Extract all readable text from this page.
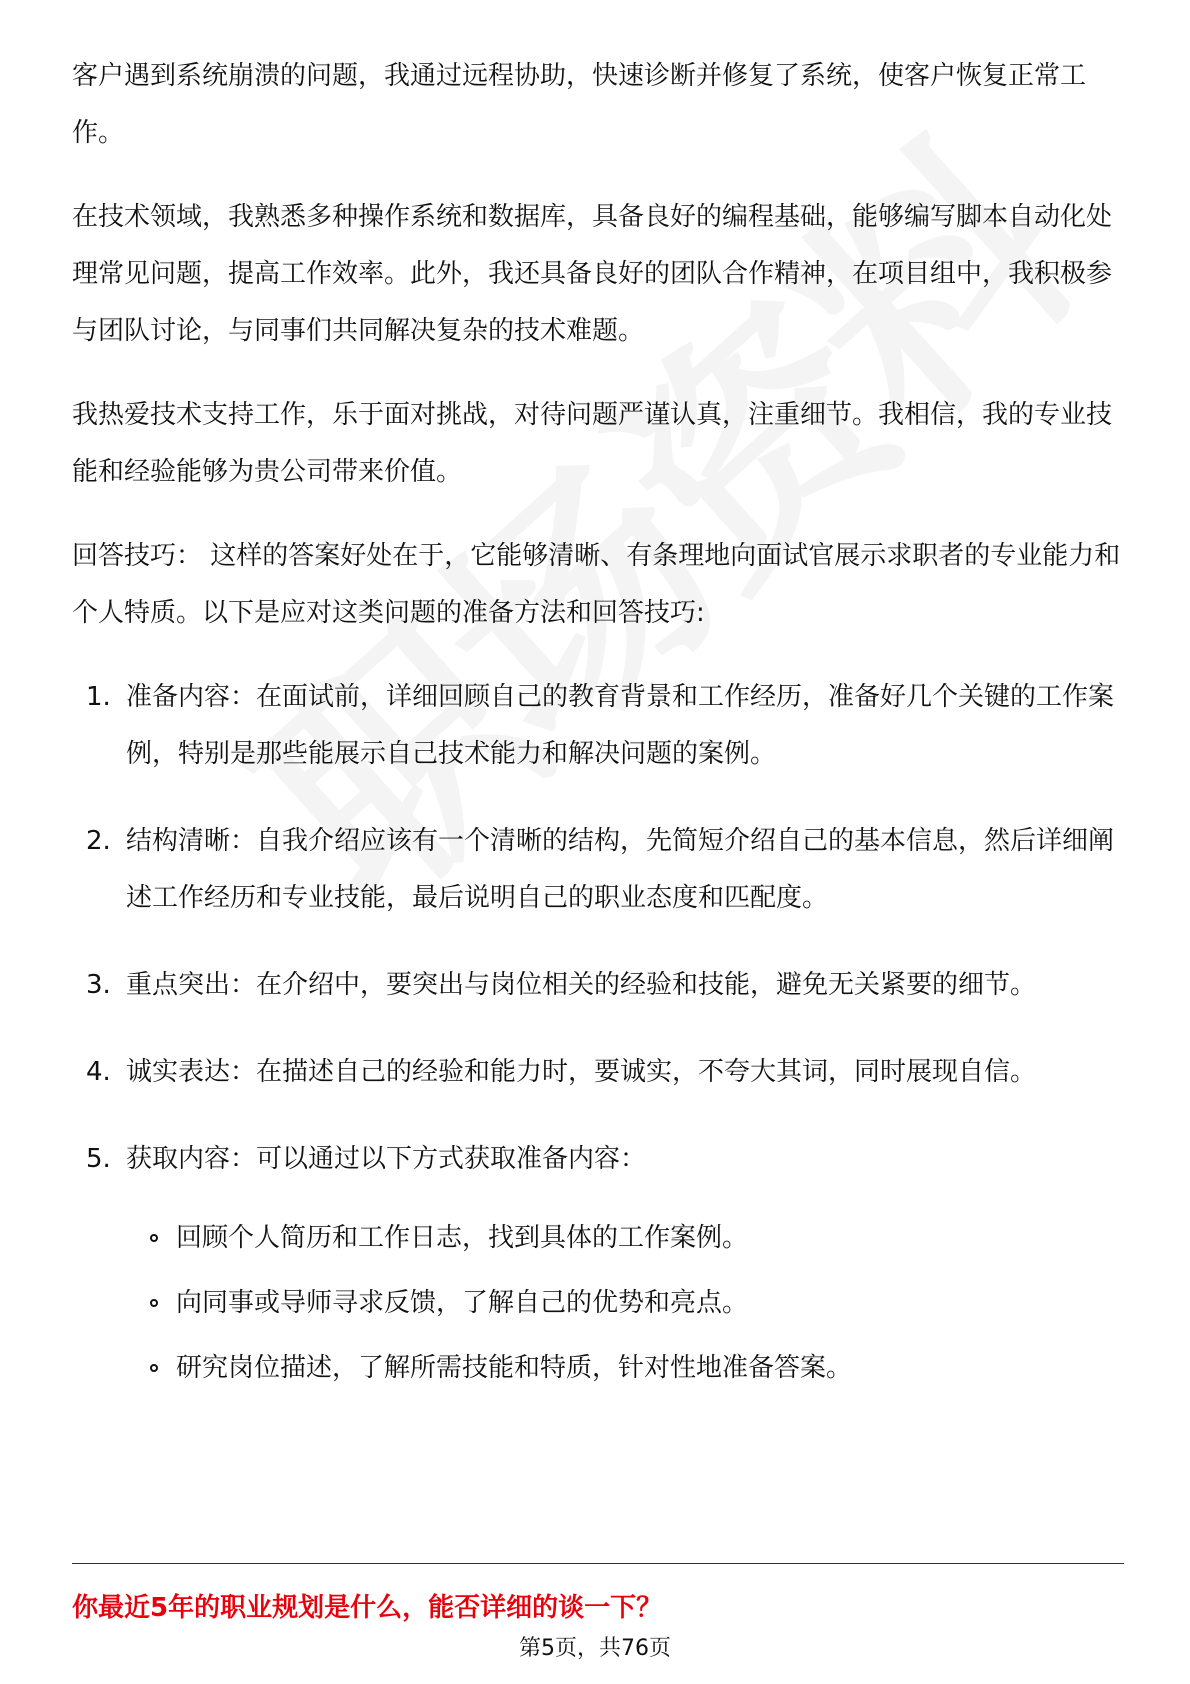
客户遇到系统崩溃的问题，我通过远程协助，快速诊断并修复了系统，使客户恢复正常工作。

在技术领域，我熟悉多种操作系统和数据库，具备良好的编程基础，能够编写脚本自动化处理常见问题，提高工作效率。此外，我还具备良好的团队合作精神，在项目组中，我积极参与团队讨论，与同事们共同解决复杂的技术难题。

我热爱技术支持工作，乐于面对挑战，对待问题严谨认真，注重细节。我相信，我的专业技能和经验能够为贵公司带来价值。

回答技巧： 这样的答案好处在于，它能够清晰、有条理地向面试官展示求职者的专业能力和个人特质。以下是应对这类问题的准备方法和回答技巧:

1. 准备内容：在面试前，详细回顾自己的教育背景和工作经历，准备好几个关键的工作案例，特别是那些能展示自己技术能力和解决问题的案例。
2. 结构清晰：自我介绍应该有一个清晰的结构，先简短介绍自己的基本信息，然后详细阐述工作经历和专业技能，最后说明自己的职业态度和匹配度。
3. 重点突出：在介绍中，要突出与岗位相关的经验和技能，避免无关紧要的细节。
4. 诚实表达：在描述自己的经验和能力时，要诚实，不夸大其词，同时展现自信。
5. 获取内容：可以通过以下方式获取准备内容：
回顾个人简历和工作日志，找到具体的工作案例。
向同事或导师寻求反馈，了解自己的优势和亮点。
研究岗位描述，了解所需技能和特质，针对性地准备答案。
你最近5年的职业规划是什么，能否详细的谈一下？
第5页，共76页
